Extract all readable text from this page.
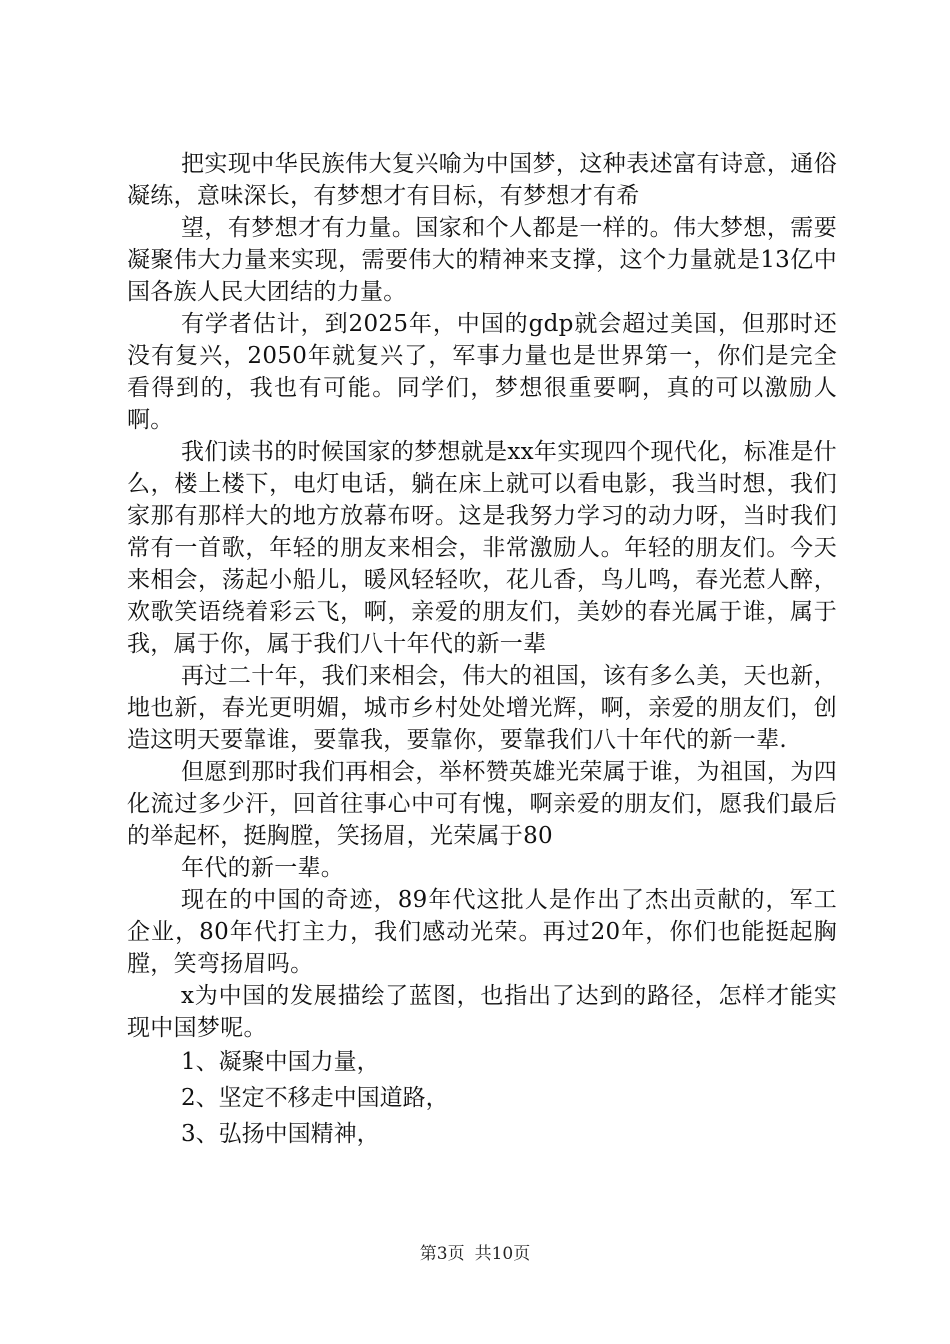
把实现中华民族伟大复兴喻为中国梦，这种表述富有诗意，通俗凝练，意味深长，有梦想才有目标，有梦想才有希

望，有梦想才有力量。国家和个人都是一样的。伟大梦想，需要凝聚伟大力量来实现，需要伟大的精神来支撑，这个力量就是13亿中国各族人民大团结的力量。

有学者估计，到2025年，中国的gdp就会超过美国，但那时还没有复兴，2050年就复兴了，军事力量也是世界第一，你们是完全看得到的，我也有可能。同学们，梦想很重要啊，真的可以激励人啊。

我们读书的时候国家的梦想就是xx年实现四个现代化，标准是什么，楼上楼下，电灯电话，躺在床上就可以看电影，我当时想，我们家那有那样大的地方放幕布呀。这是我努力学习的动力呀，当时我们常有一首歌，年轻的朋友来相会，非常激励人。年轻的朋友们。今天来相会，荡起小船儿，暖风轻轻吹，花儿香，鸟儿鸣，春光惹人醉，欢歌笑语绕着彩云飞，啊，亲爱的朋友们，美妙的春光属于谁，属于我，属于你，属于我们八十年代的新一辈

再过二十年，我们来相会，伟大的祖国，该有多么美，天也新，地也新，春光更明媚，城市乡村处处增光辉，啊，亲爱的朋友们，创造这明天要靠谁，要靠我，要靠你，要靠我们八十年代的新一辈.

但愿到那时我们再相会，举杯赞英雄光荣属于谁，为祖国，为四化流过多少汗，回首往事心中可有愧，啊亲爱的朋友们，愿我们最后的举起杯，挺胸膛，笑扬眉，光荣属于80

年代的新一辈。

现在的中国的奇迹，89年代这批人是作出了杰出贡献的，军工企业，80年代打主力，我们感动光荣。再过20年，你们也能挺起胸膛，笑弯扬眉吗。

x为中国的发展描绘了蓝图，也指出了达到的路径，怎样才能实现中国梦呢。

1、凝聚中国力量，

2、坚定不移走中国道路，

3、弘扬中国精神，

第3页 共10页
